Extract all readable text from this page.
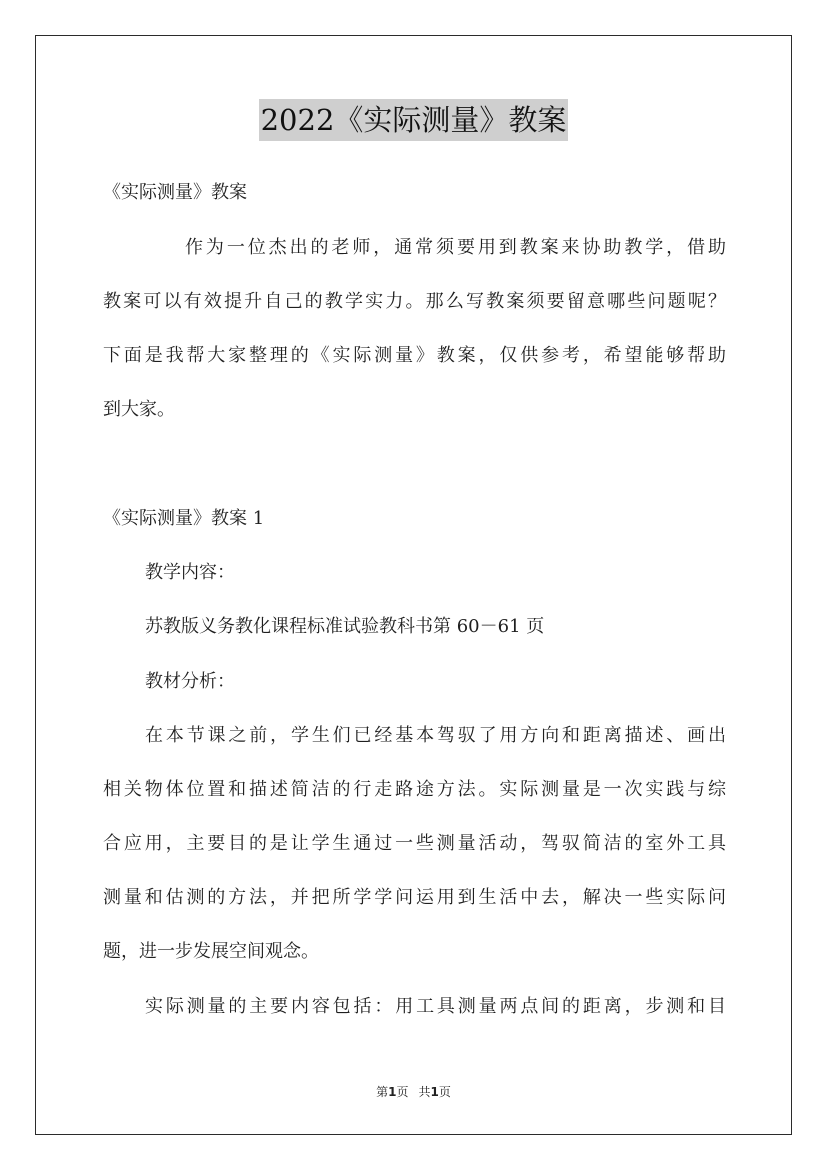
2022《实际测量》教案
《实际测量》教案
作为一位杰出的老师，通常须要用到教案来协助教学，借助
教案可以有效提升自己的教学实力。那么写教案须要留意哪些问题呢？
下面是我帮大家整理的《实际测量》教案，仅供参考，希望能够帮助
到大家。
《实际测量》教案 1
教学内容：
苏教版义务教化课程标准试验教科书第 60－61 页
教材分析：
在本节课之前，学生们已经基本驾驭了用方向和距离描述、画出
相关物体位置和描述简洁的行走路途方法。实际测量是一次实践与综
合应用，主要目的是让学生通过一些测量活动，驾驭简洁的室外工具
测量和估测的方法，并把所学学问运用到生活中去，解决一些实际问
题，进一步发展空间观念。
实际测量的主要内容包括：用工具测量两点间的距离，步测和目
第1页 共1页
